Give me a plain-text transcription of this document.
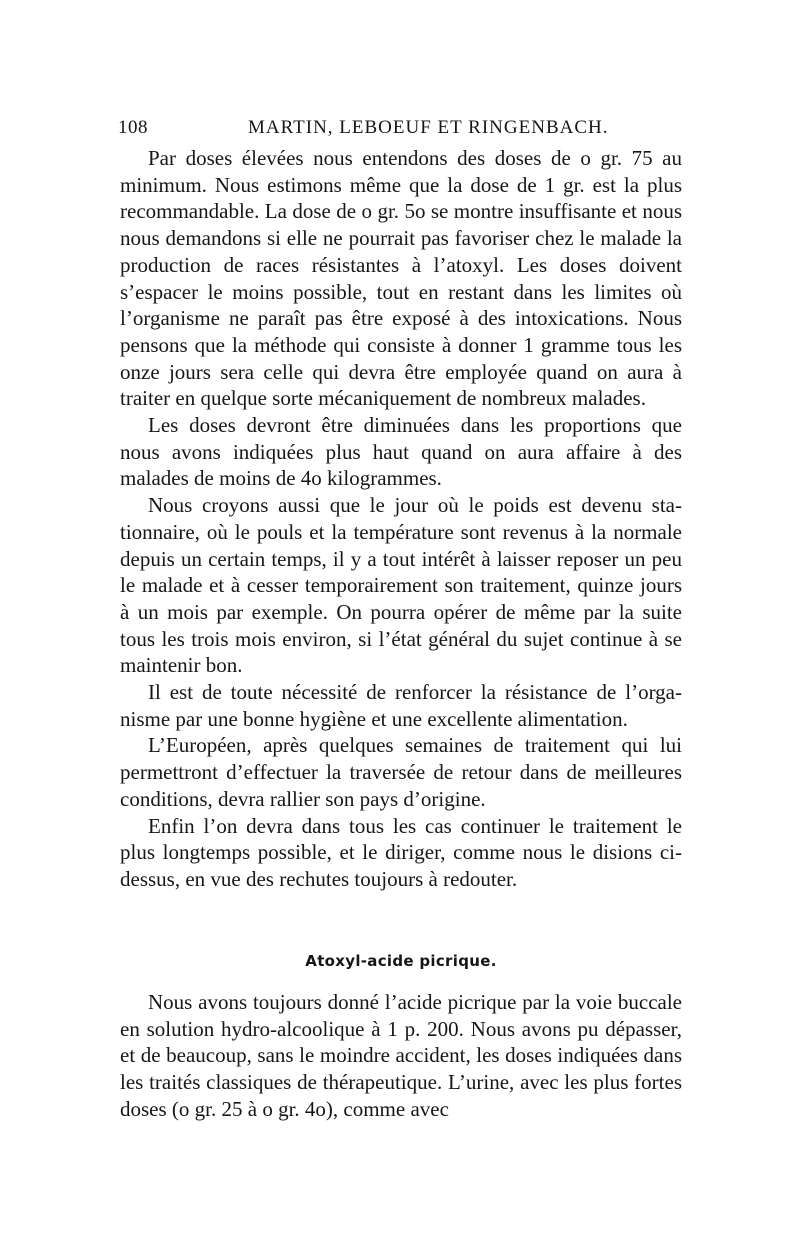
108	MARTIN, LEBOEUF ET RINGENBACH.

Par doses élevées nous entendons des doses de o gr. 75 au minimum. Nous estimons même que la dose de 1 gr. est la plus recommandable. La dose de o gr. 5o se montre insuffisante et nous nous demandons si elle ne pourrait pas favoriser chez le malade la production de races résistantes à l’atoxyl. Les doses doivent s’espacer le moins possible, tout en restant dans les limites où l’organisme ne paraît pas être exposé à des intoxications. Nous pensons que la méthode qui consiste à donner 1 gramme tous les onze jours sera celle qui devra être employée quand on aura à traiter en quelque sorte mécaniquement de nombreux malades.

Les doses devront être diminuées dans les proportions que nous avons indiquées plus haut quand on aura affaire à des malades de moins de 4o kilogrammes.

Nous croyons aussi que le jour où le poids est devenu stationnaire, où le pouls et la température sont revenus à la normale depuis un certain temps, il y a tout intérêt à laisser reposer un peu le malade et à cesser temporairement son traitement, quinze jours à un mois par exemple. On pourra opérer de même par la suite tous les trois mois environ, si l’état général du sujet continue à se maintenir bon.

Il est de toute nécessité de renforcer la résistance de l’organisme par une bonne hygiène et une excellente alimentation.

L’Européen, après quelques semaines de traitement qui lui permettront d’effectuer la traversée de retour dans de meilleures conditions, devra rallier son pays d’origine.

Enfin l’on devra dans tous les cas continuer le traitement le plus longtemps possible, et le diriger, comme nous le disions ci-dessus, en vue des rechutes toujours à redouter.

Atoxyl-acide picrique.

Nous avons toujours donné l’acide picrique par la voie buccale en solution hydro-alcoolique à 1 p. 200. Nous avons pu dépasser, et de beaucoup, sans le moindre accident, les doses indiquées dans les traités classiques de thérapeutique. L’urine, avec les plus fortes doses (o gr. 25 à o gr. 4o), comme avec
